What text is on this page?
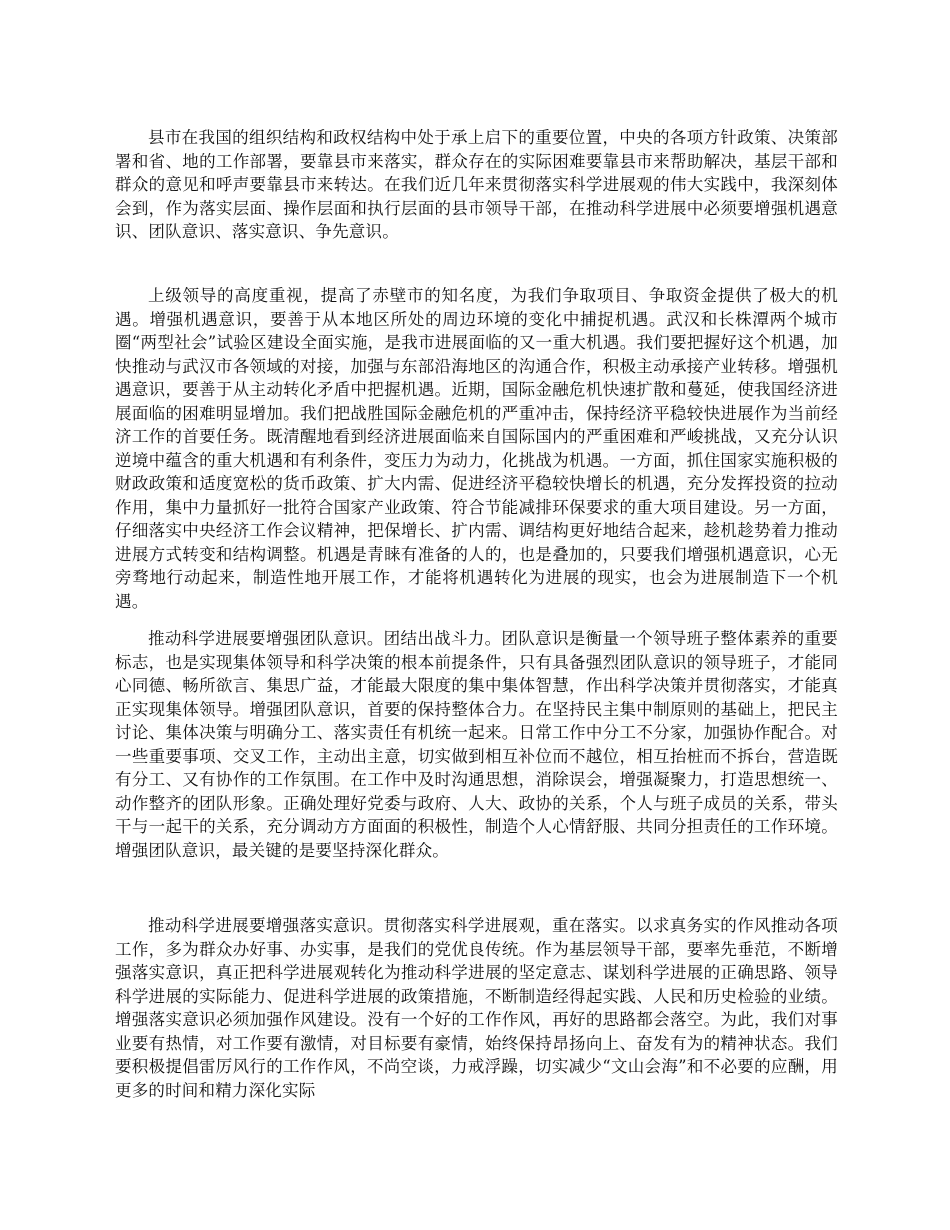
县市在我国的组织结构和政权结构中处于承上启下的重要位置，中央的各项方针政策、决策部署和省、地的工作部署，要靠县市来落实，群众存在的实际困难要靠县市来帮助解决，基层干部和群众的意见和呼声要靠县市来转达。在我们近几年来贯彻落实科学进展观的伟大实践中，我深刻体会到，作为落实层面、操作层面和执行层面的县市领导干部，在推动科学进展中必须要增强机遇意识、团队意识、落实意识、争先意识。

上级领导的高度重视，提高了赤壁市的知名度，为我们争取项目、争取资金提供了极大的机遇。增强机遇意识，要善于从本地区所处的周边环境的变化中捕捉机遇。武汉和长株潭两个城市圈“两型社会”试验区建设全面实施，是我市进展面临的又一重大机遇。我们要把握好这个机遇，加快推动与武汉市各领域的对接，加强与东部沿海地区的沟通合作，积极主动承接产业转移。增强机遇意识，要善于从主动转化矛盾中把握机遇。近期，国际金融危机快速扩散和蔓延，使我国经济进展面临的困难明显增加。我们把战胜国际金融危机的严重冲击，保持经济平稳较快进展作为当前经济工作的首要任务。既清醒地看到经济进展面临来自国际国内的严重困难和严峻挑战，又充分认识逆境中蕴含的重大机遇和有利条件，变压力为动力，化挑战为机遇。一方面，抓住国家实施积极的财政政策和适度宽松的货币政策、扩大内需、促进经济平稳较快增长的机遇，充分发挥投资的拉动作用，集中力量抓好一批符合国家产业政策、符合节能减排环保要求的重大项目建设。另一方面，仔细落实中央经济工作会议精神，把保增长、扩内需、调结构更好地结合起来，趁机趁势着力推动进展方式转变和结构调整。机遇是青睐有准备的人的，也是叠加的，只要我们增强机遇意识，心无旁骛地行动起来，制造性地开展工作，才能将机遇转化为进展的现实，也会为进展制造下一个机遇。

推动科学进展要增强团队意识。团结出战斗力。团队意识是衡量一个领导班子整体素养的重要标志，也是实现集体领导和科学决策的根本前提条件，只有具备强烈团队意识的领导班子，才能同心同德、畅所欲言、集思广益，才能最大限度的集中集体智慧，作出科学决策并贯彻落实，才能真正实现集体领导。增强团队意识，首要的保持整体合力。在坚持民主集中制原则的基础上，把民主讨论、集体决策与明确分工、落实责任有机统一起来。日常工作中分工不分家，加强协作配合。对一些重要事项、交叉工作，主动出主意，切实做到相互补位而不越位，相互抬桩而不拆台，营造既有分工、又有协作的工作氛围。在工作中及时沟通思想，消除误会，增强凝聚力，打造思想统一、动作整齐的团队形象。正确处理好党委与政府、人大、政协的关系，个人与班子成员的关系，带头干与一起干的关系，充分调动方方面面的积极性，制造个人心情舒服、共同分担责任的工作环境。增强团队意识，最关键的是要坚持深化群众。

推动科学进展要增强落实意识。贯彻落实科学进展观，重在落实。以求真务实的作风推动各项工作，多为群众办好事、办实事，是我们的党优良传统。作为基层领导干部，要率先垂范，不断增强落实意识，真正把科学进展观转化为推动科学进展的坚定意志、谋划科学进展的正确思路、领导科学进展的实际能力、促进科学进展的政策措施，不断制造经得起实践、人民和历史检验的业绩。增强落实意识必须加强作风建设。没有一个好的工作作风，再好的思路都会落空。为此，我们对事业要有热情，对工作要有激情，对目标要有豪情，始终保持昂扬向上、奋发有为的精神状态。我们要积极提倡雷厉风行的工作作风，不尚空谈，力戒浮躁，切实减少“文山会海”和不必要的应酬，用更多的时间和精力深化实际
